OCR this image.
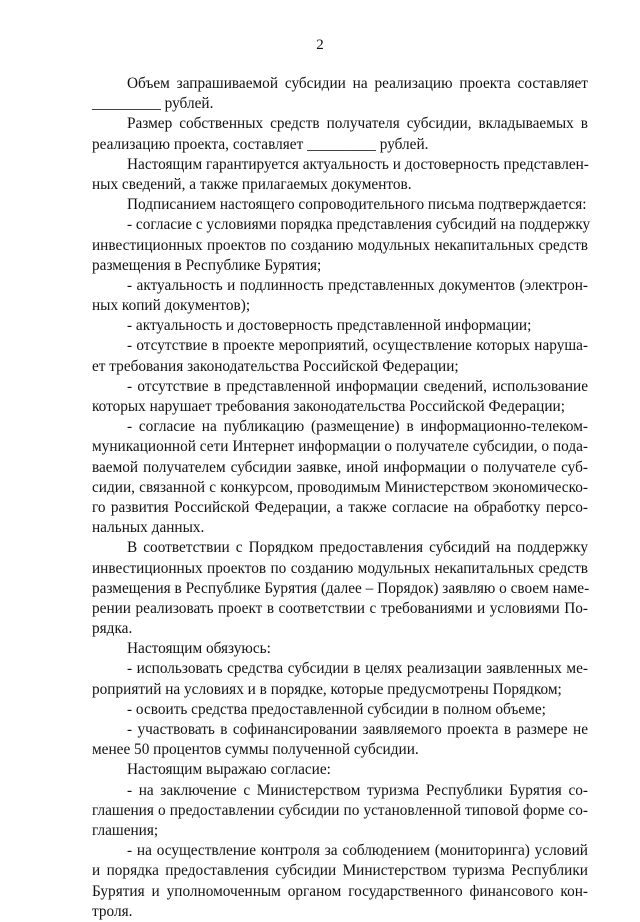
2
Объем запрашиваемой субсидии на реализацию проекта составляет
_________ рублей.
Размер собственных средств получателя субсидии, вкладываемых в
реализацию проекта, составляет _________ рублей.
Настоящим гарантируется актуальность и достоверность представлен-
ных сведений, а также прилагаемых документов.
Подписанием настоящего сопроводительного письма подтверждается:
- согласие с условиями порядка представления субсидий на поддержку
инвестиционных проектов по созданию модульных некапитальных средств
размещения в Республике Бурятия;
- актуальность и подлинность представленных документов (электрон-
ных копий документов);
- актуальность и достоверность представленной информации;
- отсутствие в проекте мероприятий, осуществление которых наруша-
ет требования законодательства Российской Федерации;
- отсутствие в представленной информации сведений, использование
которых нарушает требования законодательства Российской Федерации;
- согласие на публикацию (размещение) в информационно-телеком-
муникационной сети Интернет информации о получателе субсидии, о пода-
ваемой получателем субсидии заявке, иной информации о получателе суб-
сидии, связанной с конкурсом, проводимым Министерством экономическо-
го развития Российской Федерации, а также согласие на обработку персо-
нальных данных.
В соответствии с Порядком предоставления субсидий на поддержку
инвестиционных проектов по созданию модульных некапитальных средств
размещения в Республике Бурятия (далее – Порядок) заявляю о своем наме-
рении реализовать проект в соответствии с требованиями и условиями По-
рядка.
Настоящим обязуюсь:
- использовать средства субсидии в целях реализации заявленных ме-
роприятий на условиях и в порядке, которые предусмотрены Порядком;
- освоить средства предоставленной субсидии в полном объеме;
- участвовать в софинансировании заявляемого проекта в размере не
менее 50 процентов суммы полученной субсидии.
Настоящим выражаю согласие:
- на заключение с Министерством туризма Республики Бурятия со-
глашения о предоставлении субсидии по установленной типовой форме со-
глашения;
- на осуществление контроля за соблюдением (мониторинга) условий
и порядка предоставления субсидии Министерством туризма Республики
Бурятия и уполномоченным органом государственного финансового кон-
троля.
